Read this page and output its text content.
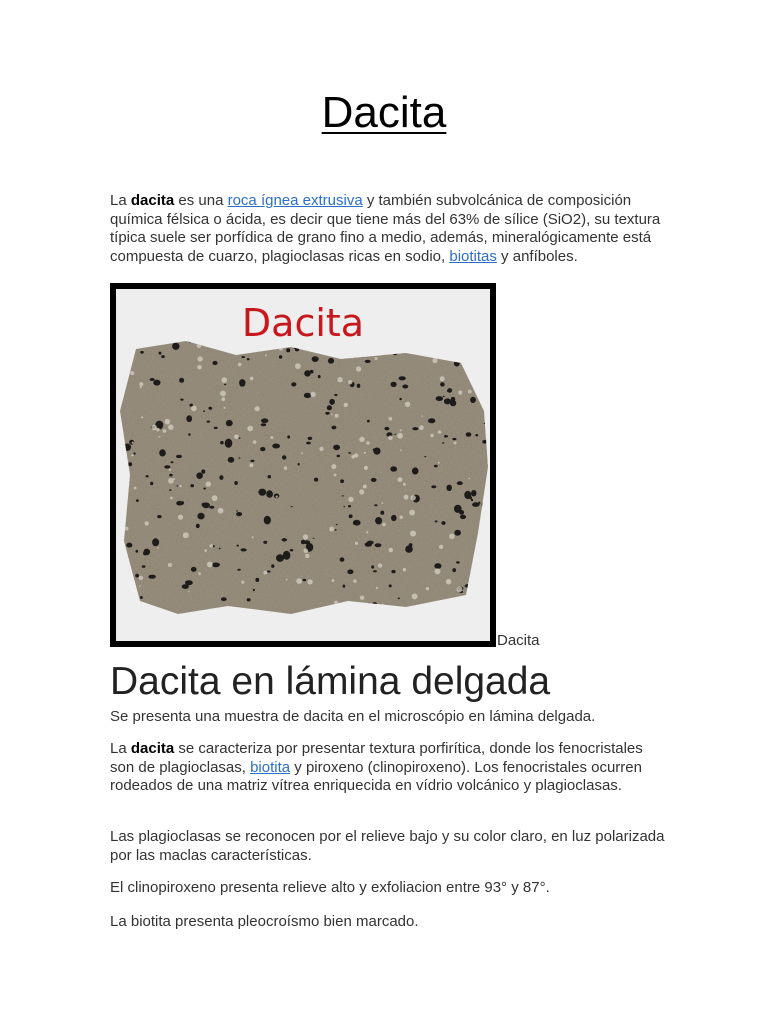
Dacita

La dacita es una roca ígnea extrusiva y también subvolcánica de composición química félsica o ácida, es decir que tiene más del 63% de sílice (SiO2), su textura típica suele ser porfídica de grano fino a medio, además, mineralógicamente está compuesta de cuarzo, plagioclasas ricas en sodio, biotitas y anfíboles.

Dacita
Dacita
Dacita en lámina delgada

Se presenta una muestra de dacita en el microscópio en lámina delgada.

La dacita se caracteriza por presentar textura porfirítica, donde los fenocristales son de plagioclasas, biotita y piroxeno (clinopiroxeno). Los fenocristales ocurren rodeados de una matriz vítrea enriquecida en vídrio volcánico y plagioclasas.

Las plagioclasas se reconocen por el relieve bajo y su color claro, en luz polarizada por las maclas características.

El clinopiroxeno presenta relieve alto y exfoliacion entre 93° y 87°.

La biotita presenta pleocroísmo bien marcado.
